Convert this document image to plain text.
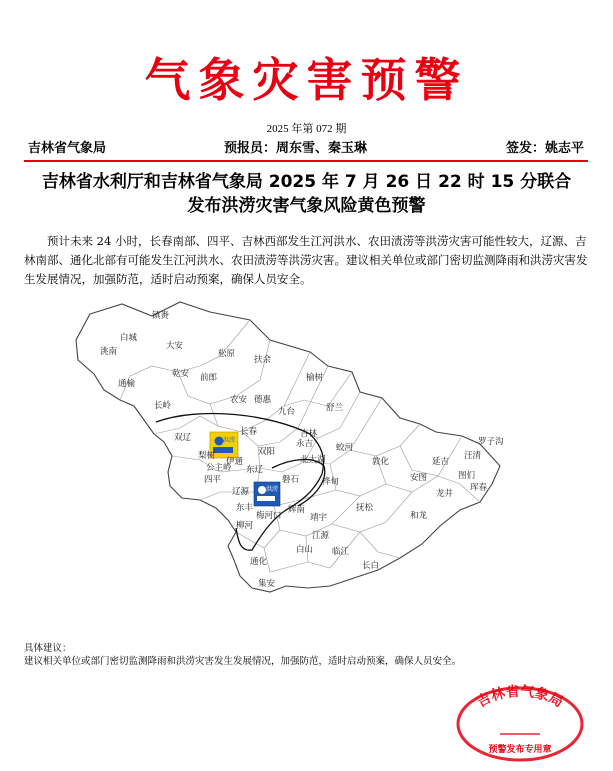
气象灾害预警
2025 年第 072 期
吉林省气象局	预报员：周东雪、秦玉琳	签发：姚志平
吉林省水利厅和吉林省气象局 2025 年 7 月 26 日 22 时 15 分联合
发布洪涝灾害气象风险黄色预警
预计未来 24 小时，长春南部、四平、吉林西部发生江河洪水、农田渍涝等洪涝灾害可能性较大，辽源、吉林南部、通化北部有可能发生江河洪水、农田渍涝等洪涝灾害。建议相关单位或部门密切监测降雨和洪涝灾害发生发展情况，加强防范，适时启动预案，确保人员安全。
洪涝
洪涝
镇赉
白城
洮南
大安
松原
扶余
乾安 前郎
通榆
长岭
榆树
舒兰
农安 德惠
九台
双辽
长春	吉林
永吉	蛟河
敦化
汪清
珲春
双阳
公主岭
梨树
四平
伊通
东丰
磐石	桦甸	安图
龙井
图们
延吉
辽源
东辽
辉南
柳河
梅河口	靖宇
抚松
和龙
通化
白山
江源
临江
长白
集安
罗子沟
北大湖
具体建议：
建议相关单位或部门密切监测降雨和洪涝灾害发生发展情况，加强防范，适时启动预案，确保人员安全。
吉林省气象局
预警发布专用章
